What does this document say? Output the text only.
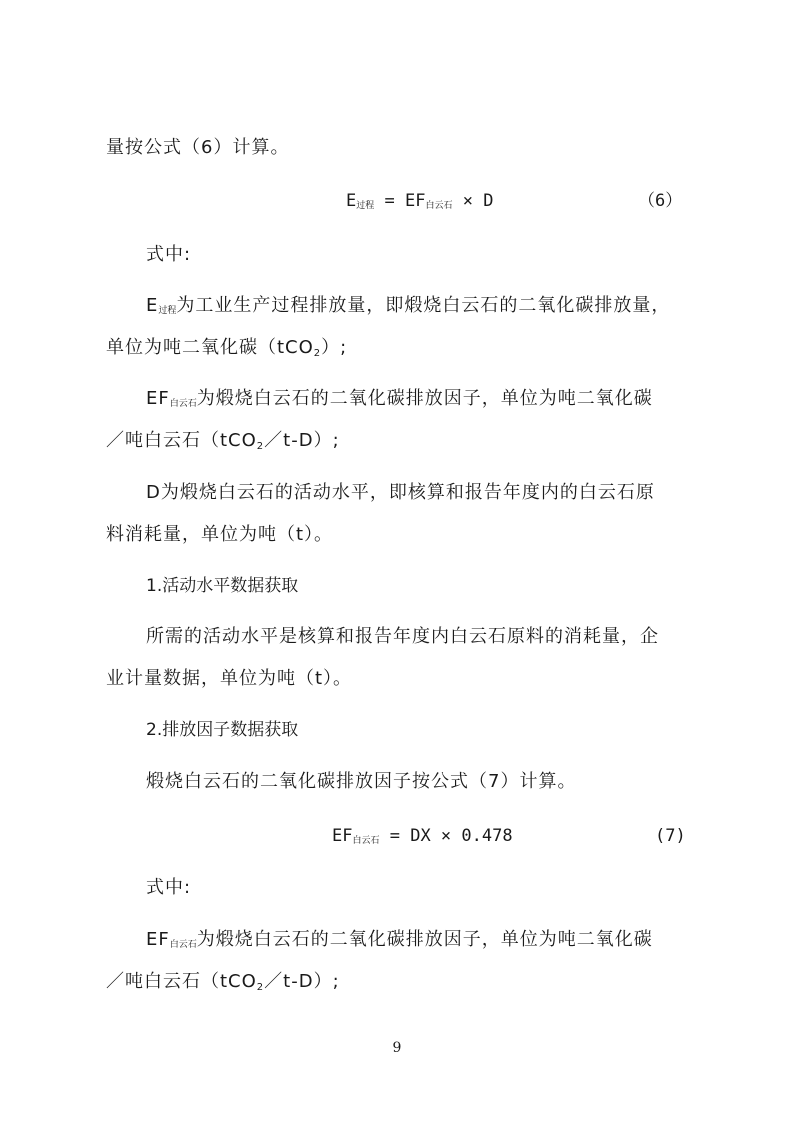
量按公式（6）计算。
$E_{过程} = EF_{白云石} \times D$	（6）
式中:
$E_{过程}$为工业生产过程排放量，即煅烧白云石的二氧化碳排放量，
单位为吨二氧化碳（tCO2）;
$EF_{白云石}$为煅烧白云石的二氧化碳排放因子，单位为吨二氧化碳
／吨白云石（tCO2／t-D）;
D为煅烧白云石的活动水平，即核算和报告年度内的白云石原
料消耗量，单位为吨（t）。
1.活动水平数据获取
所需的活动水平是核算和报告年度内白云石原料的消耗量，企
业计量数据，单位为吨（t）。
2.排放因子数据获取
煅烧白云石的二氧化碳排放因子按公式（7）计算。
$EF_{白云石}$ = DX × 0.478	(7)
式中:
$EF_{白云石}$为煅烧白云石的二氧化碳排放因子，单位为吨二氧化碳
／吨白云石（tCO2／t-D）;
9
